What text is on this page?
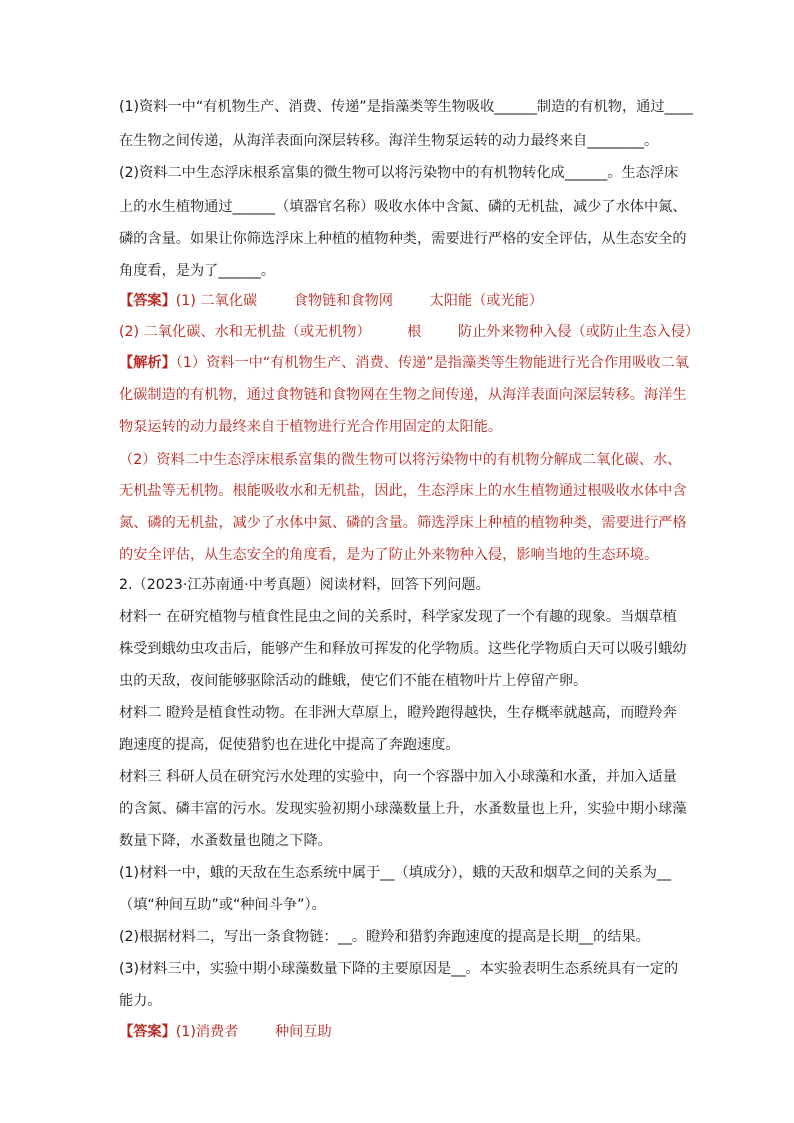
(1)资料一中“有机物生产、消费、传递”是指藻类等生物吸收______制造的有机物，通过____
在生物之间传递，从海洋表面向深层转移。海洋生物泵运转的动力最终来自________。
(2)资料二中生态浮床根系富集的微生物可以将污染物中的有机物转化成______。生态浮床
上的水生植物通过______（填器官名称）吸收水体中含氮、磷的无机盐，减少了水体中氮、
磷的含量。如果让你筛选浮床上种植的植物种类，需要进行严格的安全评估，从生态安全的
角度看，是为了______。
【答案】(1) 二氧化碳	食物链和食物网	太阳能（或光能）
(2) 二氧化碳、水和无机盐（或无机物）	根	防止外来物种入侵（或防止生态入侵）
【解析】（1）资料一中“有机物生产、消费、传递”是指藻类等生物能进行光合作用吸收二氧
化碳制造的有机物，通过食物链和食物网在生物之间传递，从海洋表面向深层转移。海洋生
物泵运转的动力最终来自于植物进行光合作用固定的太阳能。
（2）资料二中生态浮床根系富集的微生物可以将污染物中的有机物分解成二氧化碳、水、
无机盐等无机物。根能吸收水和无机盐，因此，生态浮床上的水生植物通过根吸收水体中含
氮、磷的无机盐，减少了水体中氮、磷的含量。筛选浮床上种植的植物种类，需要进行严格
的安全评估，从生态安全的角度看，是为了防止外来物种入侵，影响当地的生态环境。
2.（2023·江苏南通·中考真题）阅读材料，回答下列问题。
材料一 在研究植物与植食性昆虫之间的关系时，科学家发现了一个有趣的现象。当烟草植
株受到蛾幼虫攻击后，能够产生和释放可挥发的化学物质。这些化学物质白天可以吸引蛾幼
虫的天敌，夜间能够驱除活动的雌蛾，使它们不能在植物叶片上停留产卵。
材料二 瞪羚是植食性动物。在非洲大草原上，瞪羚跑得越快，生存概率就越高，而瞪羚奔
跑速度的提高，促使猎豹也在进化中提高了奔跑速度。
材料三 科研人员在研究污水处理的实验中，向一个容器中加入小球藻和水蚤，并加入适量
的含氮、磷丰富的污水。发现实验初期小球藻数量上升，水蚤数量也上升，实验中期小球藻
数量下降，水蚤数量也随之下降。
(1)材料一中，蛾的天敌在生态系统中属于__（填成分），蛾的天敌和烟草之间的关系为__
（填“种间互助”或“种间斗争”）。
(2)根据材料二，写出一条食物链：__。瞪羚和猎豹奔跑速度的提高是长期__的结果。
(3)材料三中，实验中期小球藻数量下降的主要原因是__。本实验表明生态系统具有一定的
能力。
【答案】(1)消费者	种间互助
